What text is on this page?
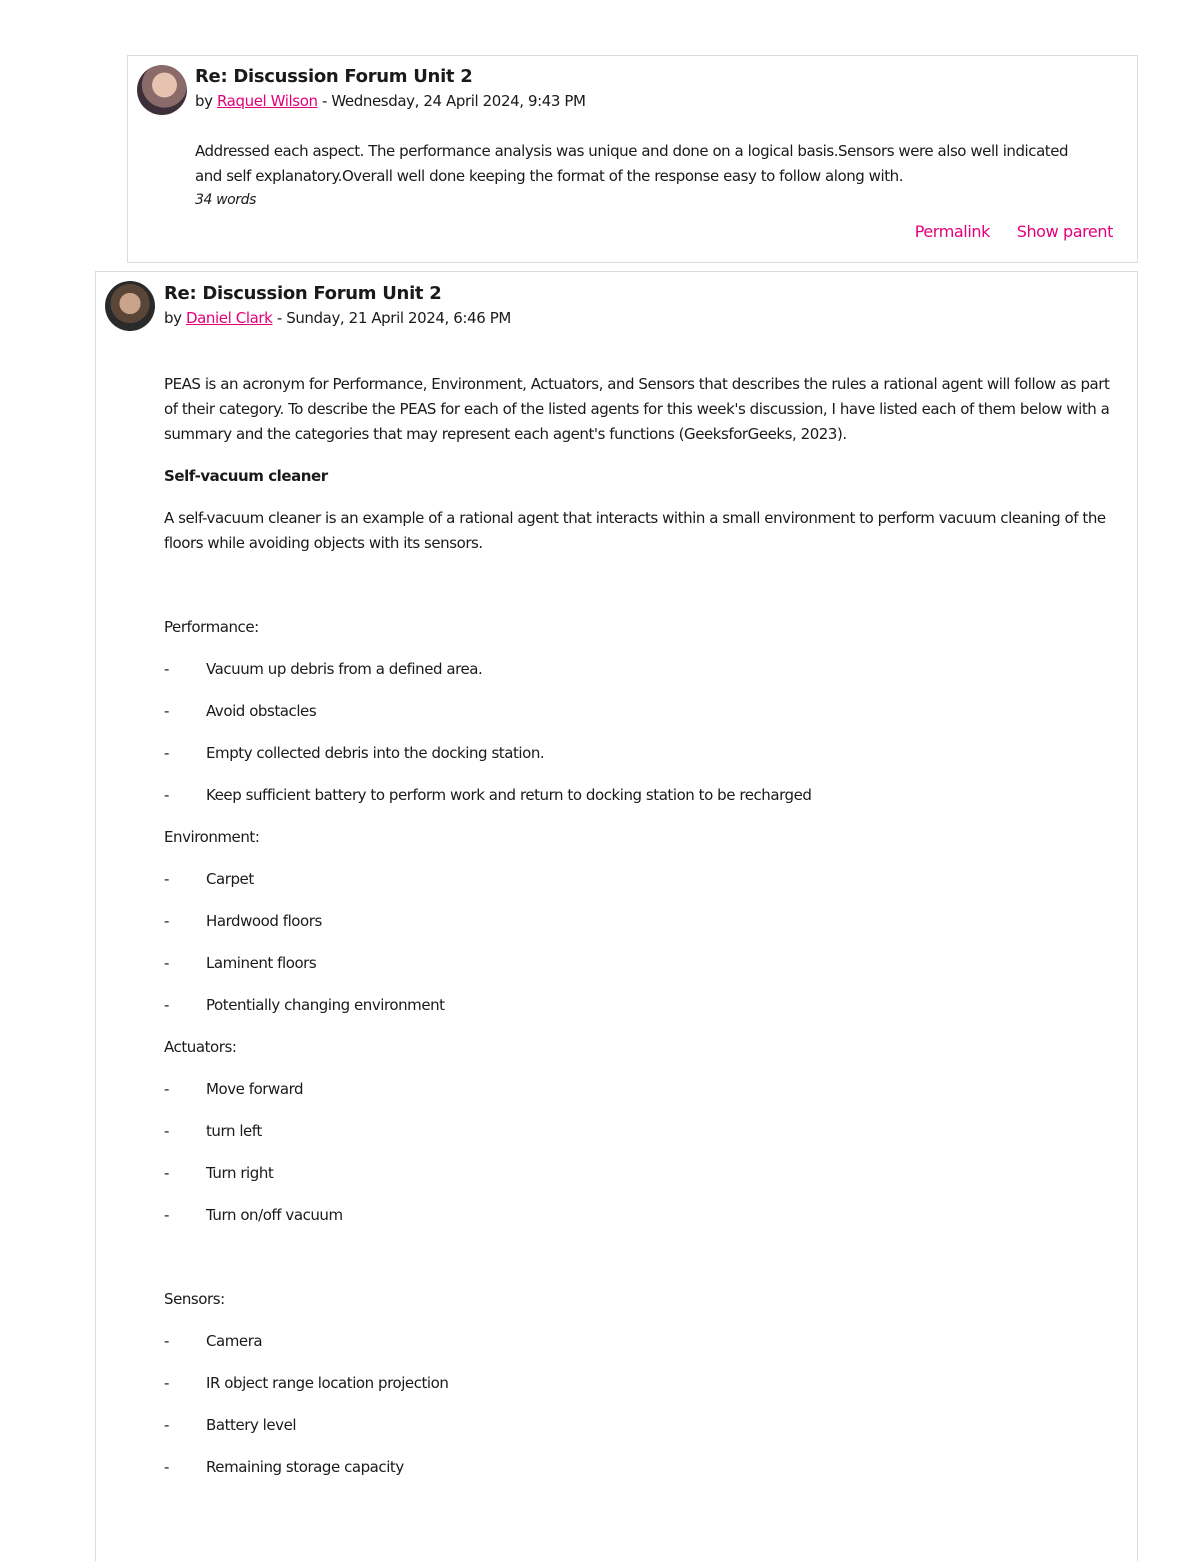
Re: Discussion Forum Unit 2
by Raquel Wilson - Wednesday, 24 April 2024, 9:43 PM
Addressed each aspect. The performance analysis was unique and done on a logical basis.Sensors were also well indicated and self explanatory.Overall well done keeping the format of the response easy to follow along with.
34 words
Permalink Show parent
Re: Discussion Forum Unit 2
by Daniel Clark - Sunday, 21 April 2024, 6:46 PM

PEAS is an acronym for Performance, Environment, Actuators, and Sensors that describes the rules a rational agent will follow as part of their category. To describe the PEAS for each of the listed agents for this week's discussion, I have listed each of them below with a summary and the categories that may represent each agent's functions (GeeksforGeeks, 2023).

Self-vacuum cleaner

A self-vacuum cleaner is an example of a rational agent that interacts within a small environment to perform vacuum cleaning of the floors while avoiding objects with its sensors.

Performance:

- Vacuum up debris from a defined area.
- Avoid obstacles
- Empty collected debris into the docking station.
- Keep sufficient battery to perform work and return to docking station to be recharged

Environment:

- Carpet
- Hardwood floors
- Laminent floors
- Potentially changing environment

Actuators:

- Move forward
- turn left
- Turn right
- Turn on/off vacuum

Sensors:

- Camera
- IR object range location projection
- Battery level
- Remaining storage capacity
